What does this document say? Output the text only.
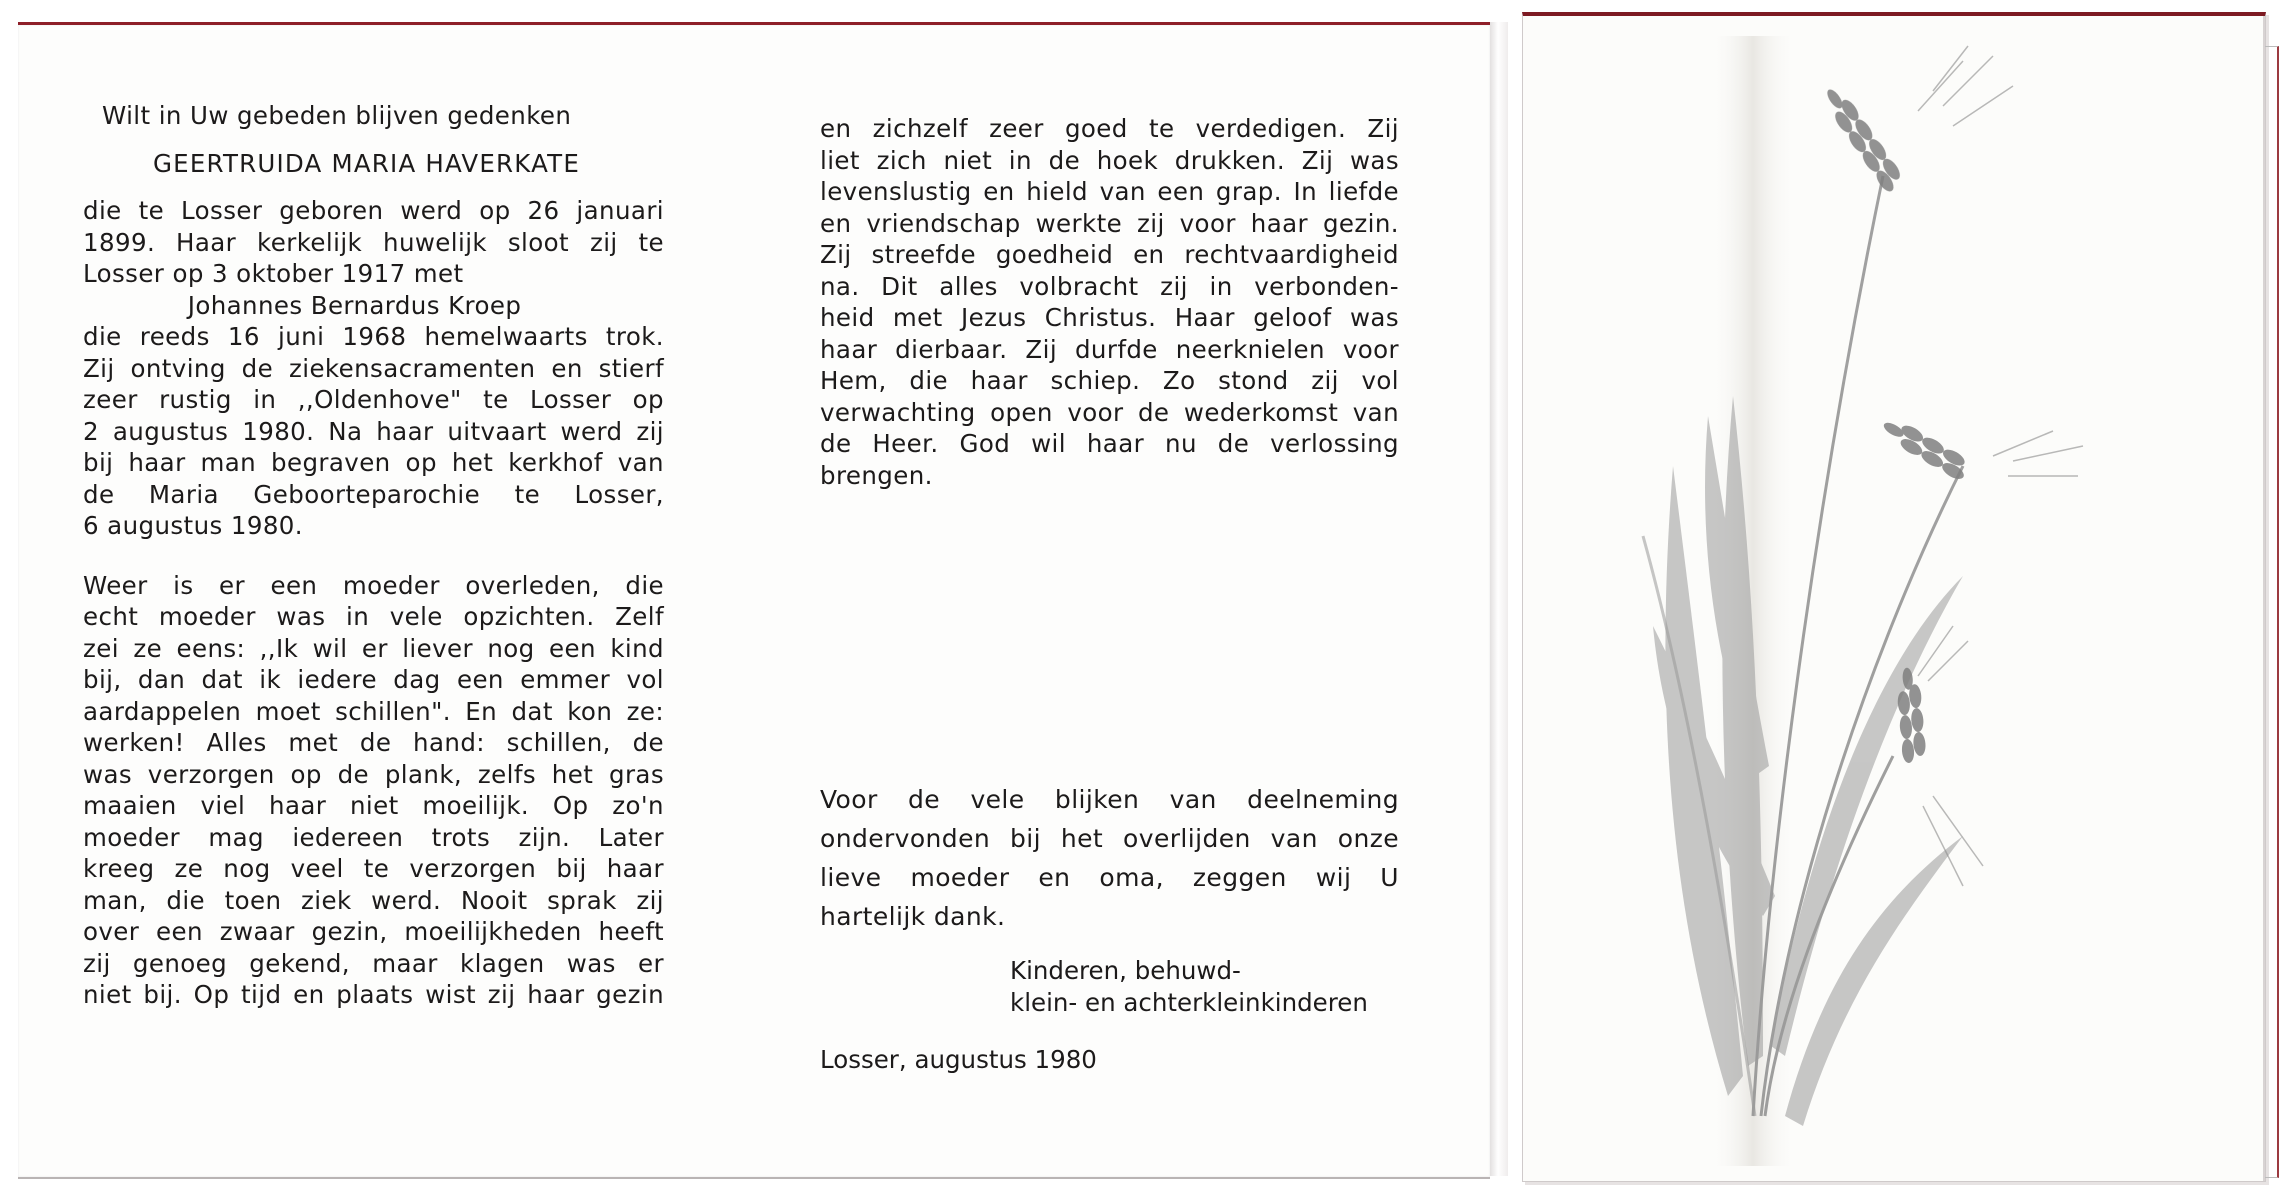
Wilt in Uw gebeden blijven gedenken

GEERTRUIDA MARIA HAVERKATE

die te Losser geboren werd op 26 januari

1899. Haar kerkelijk huwelijk sloot zij te

Losser op 3 oktober 1917 met

Johannes Bernardus Kroep

die reeds 16 juni 1968 hemelwaarts trok.

Zij ontving de ziekensacramenten en stierf

zeer rustig in ,,Oldenhove" te Losser op

2 augustus 1980. Na haar uitvaart werd zij

bij haar man begraven op het kerkhof van

de Maria Geboorteparochie te Losser,

6 augustus 1980.

Weer is er een moeder overleden, die

echt moeder was in vele opzichten. Zelf

zei ze eens: ,,Ik wil er liever nog een kind

bij, dan dat ik iedere dag een emmer vol

aardappelen moet schillen". En dat kon ze:

werken! Alles met de hand: schillen, de

was verzorgen op de plank, zelfs het gras

maaien viel haar niet moeilijk. Op zo'n

moeder mag iedereen trots zijn. Later

kreeg ze nog veel te verzorgen bij haar

man, die toen ziek werd. Nooit sprak zij

over een zwaar gezin, moeilijkheden heeft

zij genoeg gekend, maar klagen was er

niet bij. Op tijd en plaats wist zij haar gezin

en zichzelf zeer goed te verdedigen. Zij

liet zich niet in de hoek drukken. Zij was

levenslustig en hield van een grap. In liefde

en vriendschap werkte zij voor haar gezin.

Zij streefde goedheid en rechtvaardigheid

na. Dit alles volbracht zij in verbonden-

heid met Jezus Christus. Haar geloof was

haar dierbaar. Zij durfde neerknielen voor

Hem, die haar schiep. Zo stond zij vol

verwachting open voor de wederkomst van

de Heer. God wil haar nu de verlossing

brengen.

Voor de vele blijken van deelneming

ondervonden bij het overlijden van onze

lieve moeder en oma, zeggen wij U

hartelijk dank.

Kinderen, behuwd-

klein- en achterkleinkinderen

Losser, augustus 1980
